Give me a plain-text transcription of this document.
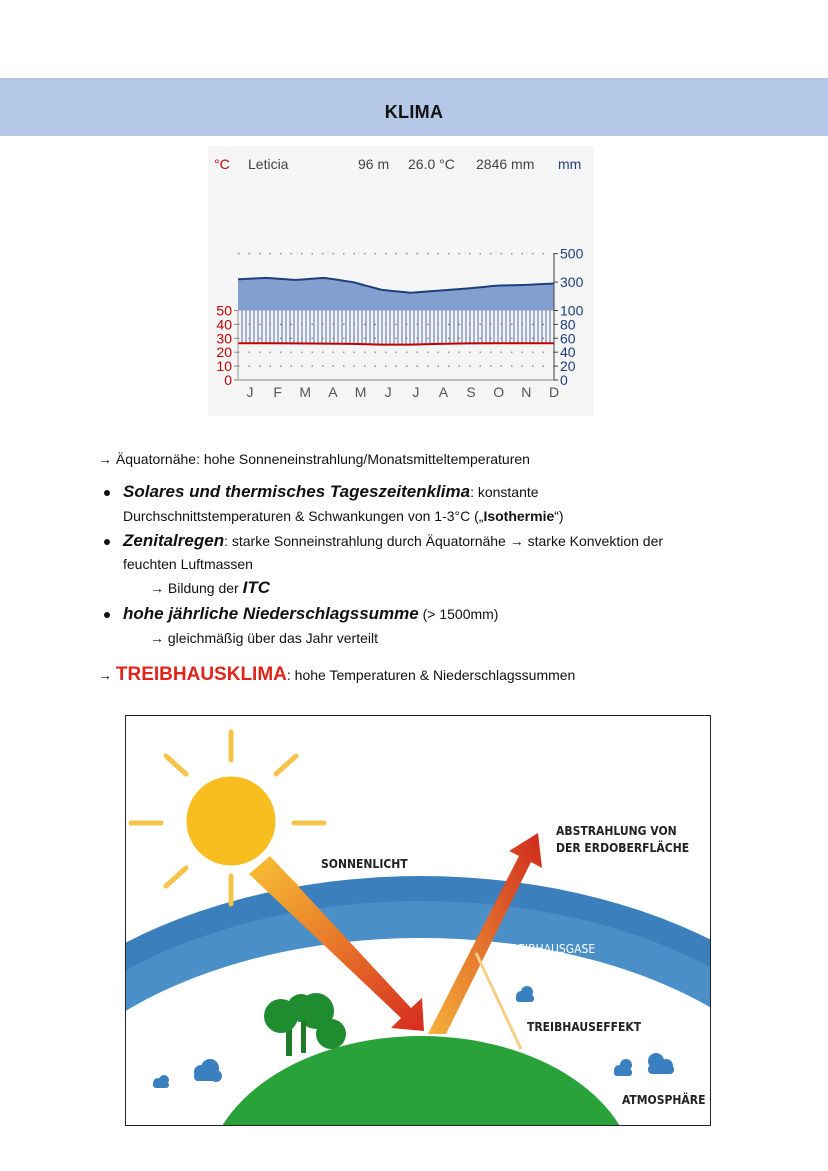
KLIMA
°C Leticia	96 m 26.0 °C 2846 mm mm
0
10
20
30
40
50
0
20
40
60
80
100
300
500
J F M A M J J A S O N D
→ Äquatornähe: hohe Sonneneinstrahlung/Monatsmitteltemperaturen
Solares und thermisches Tageszeitenklima: konstante
Durchschnittstemperaturen & Schwankungen von 1-3°C („Isothermie“)
Zenitalregen: starke Sonneinstrahlung durch Äquatornähe → starke Konvektion der
feuchten Luftmassen
→ Bildung der ITC
hohe jährliche Niederschlagssumme (> 1500mm)
→ gleichmäßig über das Jahr verteilt
→ TREIBHAUSKLIMA: hohe Temperaturen & Niederschlagssummen
SONNENLICHT
ABSTRAHLUNG VON
DER ERDOBERFLÄCHE
TREIBHAUSGASE
TREIBHAUSEFFEKT
ATMOSPHÄRE
